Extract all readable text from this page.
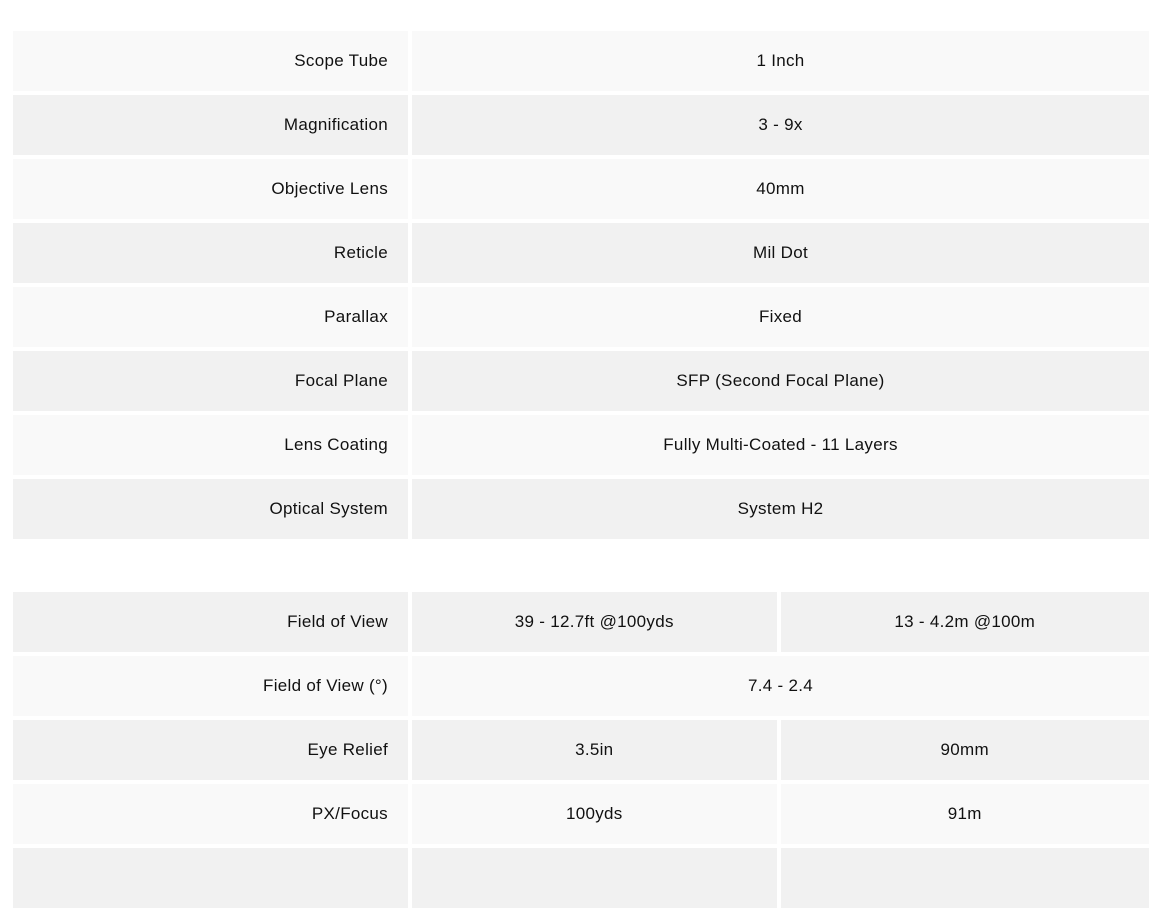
Scope Tube	1 Inch
Magnification	3 - 9x
Objective Lens	40mm
Reticle	Mil Dot
Parallax	Fixed
Focal Plane	SFP (Second Focal Plane)
Lens Coating	Fully Multi-Coated - 11 Layers
Optical System	System H2
Field of View	39 - 12.7ft @100yds	13 - 4.2m @100m
Field of View (°)	7.4 - 2.4	
Eye Relief	3.5in	90mm
PX/Focus	100yds	91m
